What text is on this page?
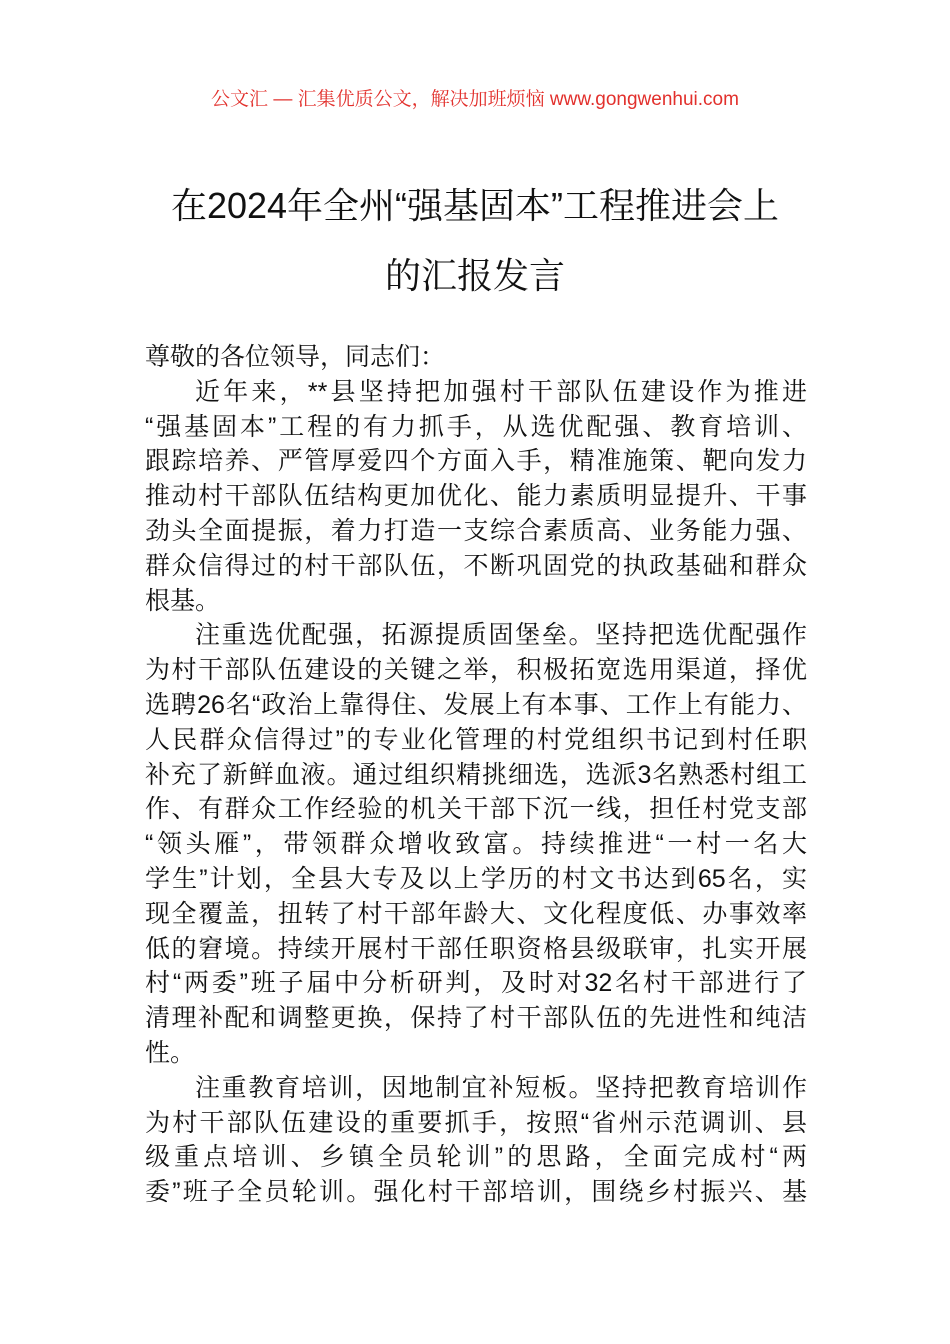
公文汇 — 汇集优质公文，解决加班烦恼 www.gongwenhui.com
在2024年全州“强基固本”工程推进会上
的汇报发言
尊敬的各位领导，同志们：
近年来，**县坚持把加强村干部队伍建设作为推进
“强基固本”工程的有力抓手，从选优配强、教育培训、
跟踪培养、严管厚爱四个方面入手，精准施策、靶向发力
推动村干部队伍结构更加优化、能力素质明显提升、干事
劲头全面提振，着力打造一支综合素质高、业务能力强、
群众信得过的村干部队伍，不断巩固党的执政基础和群众
根基。
注重选优配强，拓源提质固堡垒。坚持把选优配强作
为村干部队伍建设的关键之举，积极拓宽选用渠道，择优
选聘26名“政治上靠得住、发展上有本事、工作上有能力、
人民群众信得过”的专业化管理的村党组织书记到村任职
补充了新鲜血液。通过组织精挑细选，选派3名熟悉村组工
作、有群众工作经验的机关干部下沉一线，担任村党支部
“领头雁”，带领群众增收致富。持续推进“一村一名大
学生”计划，全县大专及以上学历的村文书达到65名，实
现全覆盖，扭转了村干部年龄大、文化程度低、办事效率
低的窘境。持续开展村干部任职资格县级联审，扎实开展
村“两委”班子届中分析研判，及时对32名村干部进行了
清理补配和调整更换，保持了村干部队伍的先进性和纯洁
性。
注重教育培训，因地制宜补短板。坚持把教育培训作
为村干部队伍建设的重要抓手，按照“省州示范调训、县
级重点培训、乡镇全员轮训”的思路，全面完成村“两
委”班子全员轮训。强化村干部培训，围绕乡村振兴、基
